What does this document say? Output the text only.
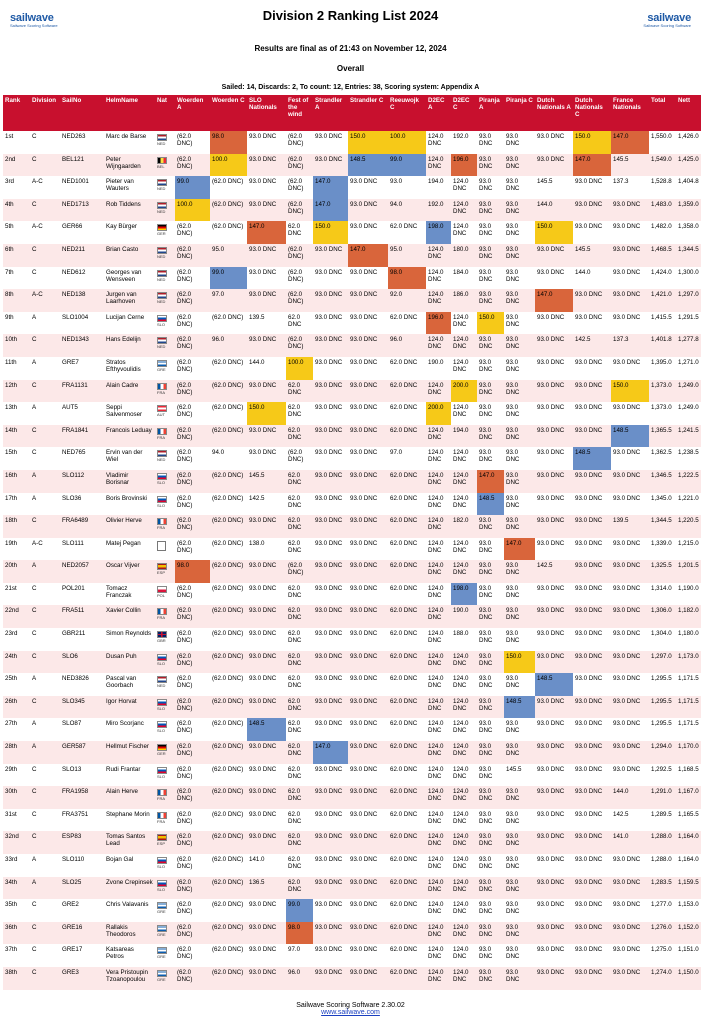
sailwave
Sailwave Scoring Software
sailwave
Sailwave Scoring Software
Division 2 Ranking List 2024
Results are final as of 21:43 on November 12, 2024
Overall
Sailed: 14, Discards: 2, To count: 12, Entries: 38, Scoring system: Appendix A
Rank	Division	SailNo	HelmName	Nat	Woerden A	Woerden C	SLO Nationals	Fest of the wind	Strandler A	Strandler C	Reeuwojk C	D2EC A	D2EC C	Piranja A	Piranja C	Dutch Nationals A	Dutch Nationals C	France Nationals	Total	Nett
1st	C	NED263	Marc de Barse	NED	(62.0 DNC)	98.0	93.0 DNC	(62.0 DNC)	93.0 DNC	150.0	100.0	124.0 DNC	192.0	93.0 DNC	93.0 DNC	93.0 DNC	150.0	147.0	1,550.0	1,426.0
2nd	C	BEL121	Peter Wijngaarden	BEL	(62.0 DNC)	100.0	93.0 DNC	(62.0 DNC)	93.0 DNC	148.5	99.0	124.0 DNC	196.0	93.0 DNC	93.0 DNC	93.0 DNC	147.0	145.5	1,549.0	1,425.0
3rd	A-C	NED1001	Pieter van Wauters	NED	99.0	(62.0 DNC)	93.0 DNC	(62.0 DNC)	147.0	93.0 DNC	93.0	194.0	124.0 DNC	93.0 DNC	93.0 DNC	145.5	93.0 DNC	137.3	1,528.8	1,404.8
4th	C	NED1713	Rob Tiddens	NED	100.0	(62.0 DNC)	93.0 DNC	(62.0 DNC)	147.0	93.0 DNC	94.0	192.0	124.0 DNC	93.0 DNC	93.0 DNC	144.0	93.0 DNC	93.0 DNC	1,483.0	1,359.0
5th	A-C	GER66	Kay Bürger	GER	(62.0 DNC)	(62.0 DNC)	147.0	62.0 DNC	150.0	93.0 DNC	62.0 DNC	198.0	124.0 DNC	93.0 DNC	93.0 DNC	150.0	93.0 DNC	93.0 DNC	1,482.0	1,358.0
6th	C	NED211	Brian Casto	NED	(62.0 DNC)	95.0	93.0 DNC	(62.0 DNC)	93.0 DNC	147.0	95.0	124.0 DNC	180.0	93.0 DNC	93.0 DNC	93.0 DNC	145.5	93.0 DNC	1,468.5	1,344.5
7th	C	NED612	Georges van Wensveen	NED	(62.0 DNC)	99.0	93.0 DNC	(62.0 DNC)	93.0 DNC	93.0 DNC	98.0	124.0 DNC	184.0	93.0 DNC	93.0 DNC	93.0 DNC	144.0	93.0 DNC	1,424.0	1,300.0
8th	A-C	NED138	Jurgen van Laarhoven	NED	(62.0 DNC)	97.0	93.0 DNC	(62.0 DNC)	93.0 DNC	93.0 DNC	92.0	124.0 DNC	186.0	93.0 DNC	93.0 DNC	147.0	93.0 DNC	93.0 DNC	1,421.0	1,297.0
9th	A	SLO1004	Lucijan Cerne	SLO	(62.0 DNC)	(62.0 DNC)	139.5	62.0 DNC	93.0 DNC	93.0 DNC	62.0 DNC	196.0	124.0 DNC	150.0	93.0 DNC	93.0 DNC	93.0 DNC	93.0 DNC	1,415.5	1,291.5
10th	C	NED1343	Hans Edelijn	NED	(62.0 DNC)	96.0	93.0 DNC	(62.0 DNC)	93.0 DNC	93.0 DNC	96.0	124.0 DNC	124.0 DNC	93.0 DNC	93.0 DNC	93.0 DNC	142.5	137.3	1,401.8	1,277.8
11th	A	GRE7	Stratos Efthyvoulidis	GRE	(62.0 DNC)	(62.0 DNC)	144.0	100.0	93.0 DNC	93.0 DNC	62.0 DNC	190.0	124.0 DNC	93.0 DNC	93.0 DNC	93.0 DNC	93.0 DNC	93.0 DNC	1,395.0	1,271.0
12th	C	FRA1131	Alain Cadre	FRA	(62.0 DNC)	(62.0 DNC)	93.0 DNC	62.0 DNC	93.0 DNC	93.0 DNC	62.0 DNC	124.0 DNC	200.0	93.0 DNC	93.0 DNC	93.0 DNC	93.0 DNC	150.0	1,373.0	1,249.0
13th	A	AUT5	Seppi Salvenmoser	AUT	(62.0 DNC)	(62.0 DNC)	150.0	62.0 DNC	93.0 DNC	93.0 DNC	62.0 DNC	200.0	124.0 DNC	93.0 DNC	93.0 DNC	93.0 DNC	93.0 DNC	93.0 DNC	1,373.0	1,249.0
14th	C	FRA1841	Francois Leduay	FRA	(62.0 DNC)	(62.0 DNC)	93.0 DNC	62.0 DNC	93.0 DNC	93.0 DNC	62.0 DNC	124.0 DNC	194.0	93.0 DNC	93.0 DNC	93.0 DNC	93.0 DNC	148.5	1,365.5	1,241.5
15th	C	NED765	Ervin van der Wiel	NED	(62.0 DNC)	94.0	93.0 DNC	(62.0 DNC)	93.0 DNC	93.0 DNC	97.0	124.0 DNC	124.0 DNC	93.0 DNC	93.0 DNC	93.0 DNC	148.5	93.0 DNC	1,362.5	1,238.5
16th	A	SLO112	Vladimir Borisnar	SLO	(62.0 DNC)	(62.0 DNC)	145.5	62.0 DNC	93.0 DNC	93.0 DNC	62.0 DNC	124.0 DNC	124.0 DNC	147.0	93.0 DNC	93.0 DNC	93.0 DNC	93.0 DNC	1,346.5	1,222.5
17th	A	SLO36	Boris Brovinski	SLO	(62.0 DNC)	(62.0 DNC)	142.5	62.0 DNC	93.0 DNC	93.0 DNC	62.0 DNC	124.0 DNC	124.0 DNC	148.5	93.0 DNC	93.0 DNC	93.0 DNC	93.0 DNC	1,345.0	1,221.0
18th	C	FRA6489	Olivier Herve	FRA	(62.0 DNC)	(62.0 DNC)	93.0 DNC	62.0 DNC	93.0 DNC	93.0 DNC	62.0 DNC	124.0 DNC	182.0	93.0 DNC	93.0 DNC	93.0 DNC	93.0 DNC	139.5	1,344.5	1,220.5
19th	A-C	SLO111	Matej Pegan		(62.0 DNC)	(62.0 DNC)	138.0	62.0 DNC	93.0 DNC	93.0 DNC	62.0 DNC	124.0 DNC	124.0 DNC	93.0 DNC	147.0	93.0 DNC	93.0 DNC	93.0 DNC	1,339.0	1,215.0
20th	A	NED2057	Oscar Vijver	ESP	98.0	(62.0 DNC)	93.0 DNC	(62.0 DNC)	93.0 DNC	93.0 DNC	62.0 DNC	124.0 DNC	124.0 DNC	93.0 DNC	93.0 DNC	142.5	93.0 DNC	93.0 DNC	1,325.5	1,201.5
21st	C	POL201	Tomacz Franczak	POL	(62.0 DNC)	(62.0 DNC)	93.0 DNC	62.0 DNC	93.0 DNC	93.0 DNC	62.0 DNC	124.0 DNC	198.0	93.0 DNC	93.0 DNC	93.0 DNC	93.0 DNC	93.0 DNC	1,314.0	1,190.0
22nd	C	FRA511	Xavier Collin	FRA	(62.0 DNC)	(62.0 DNC)	93.0 DNC	62.0 DNC	93.0 DNC	93.0 DNC	62.0 DNC	124.0 DNC	190.0	93.0 DNC	93.0 DNC	93.0 DNC	93.0 DNC	93.0 DNC	1,306.0	1,182.0
23rd	C	GBR211	Simon Reynolds	GBR	(62.0 DNC)	(62.0 DNC)	93.0 DNC	62.0 DNC	93.0 DNC	93.0 DNC	62.0 DNC	124.0 DNC	188.0	93.0 DNC	93.0 DNC	93.0 DNC	93.0 DNC	93.0 DNC	1,304.0	1,180.0
24th	C	SLO6	Dusan Puh	SLO	(62.0 DNC)	(62.0 DNC)	93.0 DNC	62.0 DNC	93.0 DNC	93.0 DNC	62.0 DNC	124.0 DNC	124.0 DNC	93.0 DNC	150.0	93.0 DNC	93.0 DNC	93.0 DNC	1,297.0	1,173.0
25th	A	NED3826	Pascal van Goorbach	NED	(62.0 DNC)	(62.0 DNC)	93.0 DNC	62.0 DNC	93.0 DNC	93.0 DNC	62.0 DNC	124.0 DNC	124.0 DNC	93.0 DNC	93.0 DNC	148.5	93.0 DNC	93.0 DNC	1,295.5	1,171.5
26th	C	SLO345	Igor Horvat	SLO	(62.0 DNC)	(62.0 DNC)	93.0 DNC	62.0 DNC	93.0 DNC	93.0 DNC	62.0 DNC	124.0 DNC	124.0 DNC	93.0 DNC	148.5	93.0 DNC	93.0 DNC	93.0 DNC	1,295.5	1,171.5
27th	A	SLO87	Miro Scorjanc	SLO	(62.0 DNC)	(62.0 DNC)	148.5	62.0 DNC	93.0 DNC	93.0 DNC	62.0 DNC	124.0 DNC	124.0 DNC	93.0 DNC	93.0 DNC	93.0 DNC	93.0 DNC	93.0 DNC	1,295.5	1,171.5
28th	A	GER587	Hellmut Fischer	GER	(62.0 DNC)	(62.0 DNC)	93.0 DNC	62.0 DNC	147.0	93.0 DNC	62.0 DNC	124.0 DNC	124.0 DNC	93.0 DNC	93.0 DNC	93.0 DNC	93.0 DNC	93.0 DNC	1,294.0	1,170.0
29th	C	SLO13	Rudi Frantar	SLO	(62.0 DNC)	(62.0 DNC)	93.0 DNC	62.0 DNC	93.0 DNC	93.0 DNC	62.0 DNC	124.0 DNC	124.0 DNC	93.0 DNC	145.5	93.0 DNC	93.0 DNC	93.0 DNC	1,292.5	1,168.5
30th	C	FRA1958	Alain Herve	FRA	(62.0 DNC)	(62.0 DNC)	93.0 DNC	62.0 DNC	93.0 DNC	93.0 DNC	62.0 DNC	124.0 DNC	124.0 DNC	93.0 DNC	93.0 DNC	93.0 DNC	93.0 DNC	144.0	1,291.0	1,167.0
31st	C	FRA3751	Stephane Morin	FRA	(62.0 DNC)	(62.0 DNC)	93.0 DNC	62.0 DNC	93.0 DNC	93.0 DNC	62.0 DNC	124.0 DNC	124.0 DNC	93.0 DNC	93.0 DNC	93.0 DNC	93.0 DNC	142.5	1,289.5	1,165.5
32nd	C	ESP83	Tomas Santos Lead	ESP	(62.0 DNC)	(62.0 DNC)	93.0 DNC	62.0 DNC	93.0 DNC	93.0 DNC	62.0 DNC	124.0 DNC	124.0 DNC	93.0 DNC	93.0 DNC	93.0 DNC	93.0 DNC	141.0	1,288.0	1,164.0
33rd	A	SLO110	Bojan Gal	SLO	(62.0 DNC)	(62.0 DNC)	141.0	62.0 DNC	93.0 DNC	93.0 DNC	62.0 DNC	124.0 DNC	124.0 DNC	93.0 DNC	93.0 DNC	93.0 DNC	93.0 DNC	93.0 DNC	1,288.0	1,164.0
34th	A	SLO25	Zvone Crepinsek	SLO	(62.0 DNC)	(62.0 DNC)	136.5	62.0 DNC	93.0 DNC	93.0 DNC	62.0 DNC	124.0 DNC	124.0 DNC	93.0 DNC	93.0 DNC	93.0 DNC	93.0 DNC	93.0 DNC	1,283.5	1,159.5
35th	C	GRE2	Chris Valavanis	GRE	(62.0 DNC)	(62.0 DNC)	93.0 DNC	99.0	93.0 DNC	93.0 DNC	62.0 DNC	124.0 DNC	124.0 DNC	93.0 DNC	93.0 DNC	93.0 DNC	93.0 DNC	93.0 DNC	1,277.0	1,153.0
36th	C	GRE16	Rallakis Theodoros	GRE	(62.0 DNC)	(62.0 DNC)	93.0 DNC	98.0	93.0 DNC	93.0 DNC	62.0 DNC	124.0 DNC	124.0 DNC	93.0 DNC	93.0 DNC	93.0 DNC	93.0 DNC	93.0 DNC	1,276.0	1,152.0
37th	C	GRE17	Katsareas Petros	GRE	(62.0 DNC)	(62.0 DNC)	93.0 DNC	97.0	93.0 DNC	93.0 DNC	62.0 DNC	124.0 DNC	124.0 DNC	93.0 DNC	93.0 DNC	93.0 DNC	93.0 DNC	93.0 DNC	1,275.0	1,151.0
38th	C	GRE3	Vera Pristoupin Tzoanopoulou	GRE	(62.0 DNC)	(62.0 DNC)	93.0 DNC	96.0	93.0 DNC	93.0 DNC	62.0 DNC	124.0 DNC	124.0 DNC	93.0 DNC	93.0 DNC	93.0 DNC	93.0 DNC	93.0 DNC	1,274.0	1,150.0
Sailwave Scoring Software 2.30.02
www.sailwave.com
